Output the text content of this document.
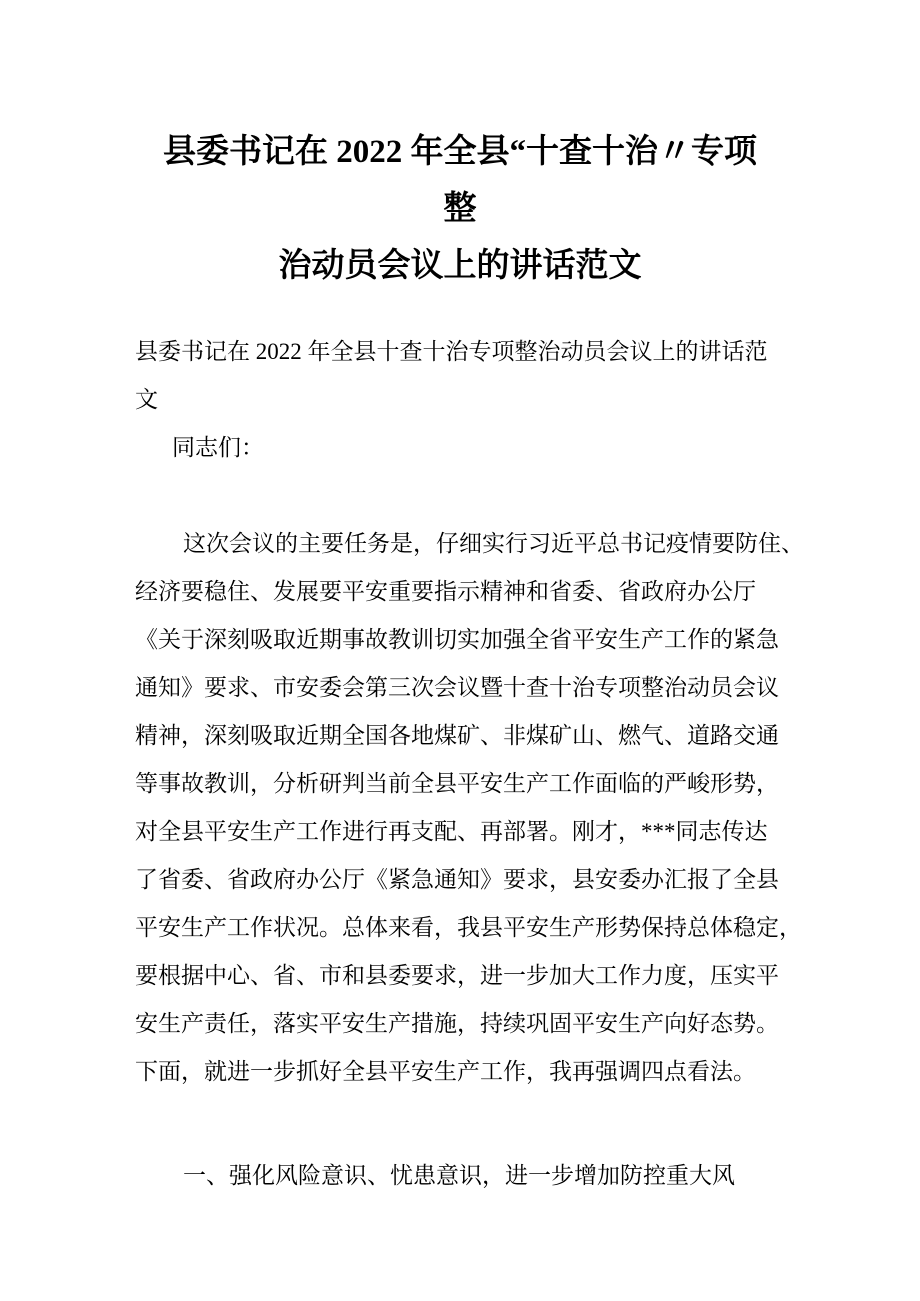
县委书记在 2022 年全县“十查十治〃专项
整
治动员会议上的讲话范文
县委书记在 2022 年全县十查十治专项整治动员会议上的讲话范
文
同志们：
这次会议的主要任务是，仔细实行习近平总书记疫情要防住、
经济要稳住、发展要平安重要指示精神和省委、省政府办公厅
《关于深刻吸取近期事故教训切实加强全省平安生产工作的紧急
通知》要求、市安委会第三次会议暨十查十治专项整治动员会议
精神，深刻吸取近期全国各地煤矿、非煤矿山、燃气、道路交通
等事故教训，分析研判当前全县平安生产工作面临的严峻形势，
对全县平安生产工作进行再支配、再部署。刚才，***同志传达
了省委、省政府办公厅《紧急通知》要求，县安委办汇报了全县
平安生产工作状况。总体来看，我县平安生产形势保持总体稳定，
要根据中心、省、市和县委要求，进一步加大工作力度，压实平
安生产责任，落实平安生产措施，持续巩固平安生产向好态势。
下面，就进一步抓好全县平安生产工作，我再强调四点看法。
一、强化风险意识、忧患意识，进一步增加防控重大风
